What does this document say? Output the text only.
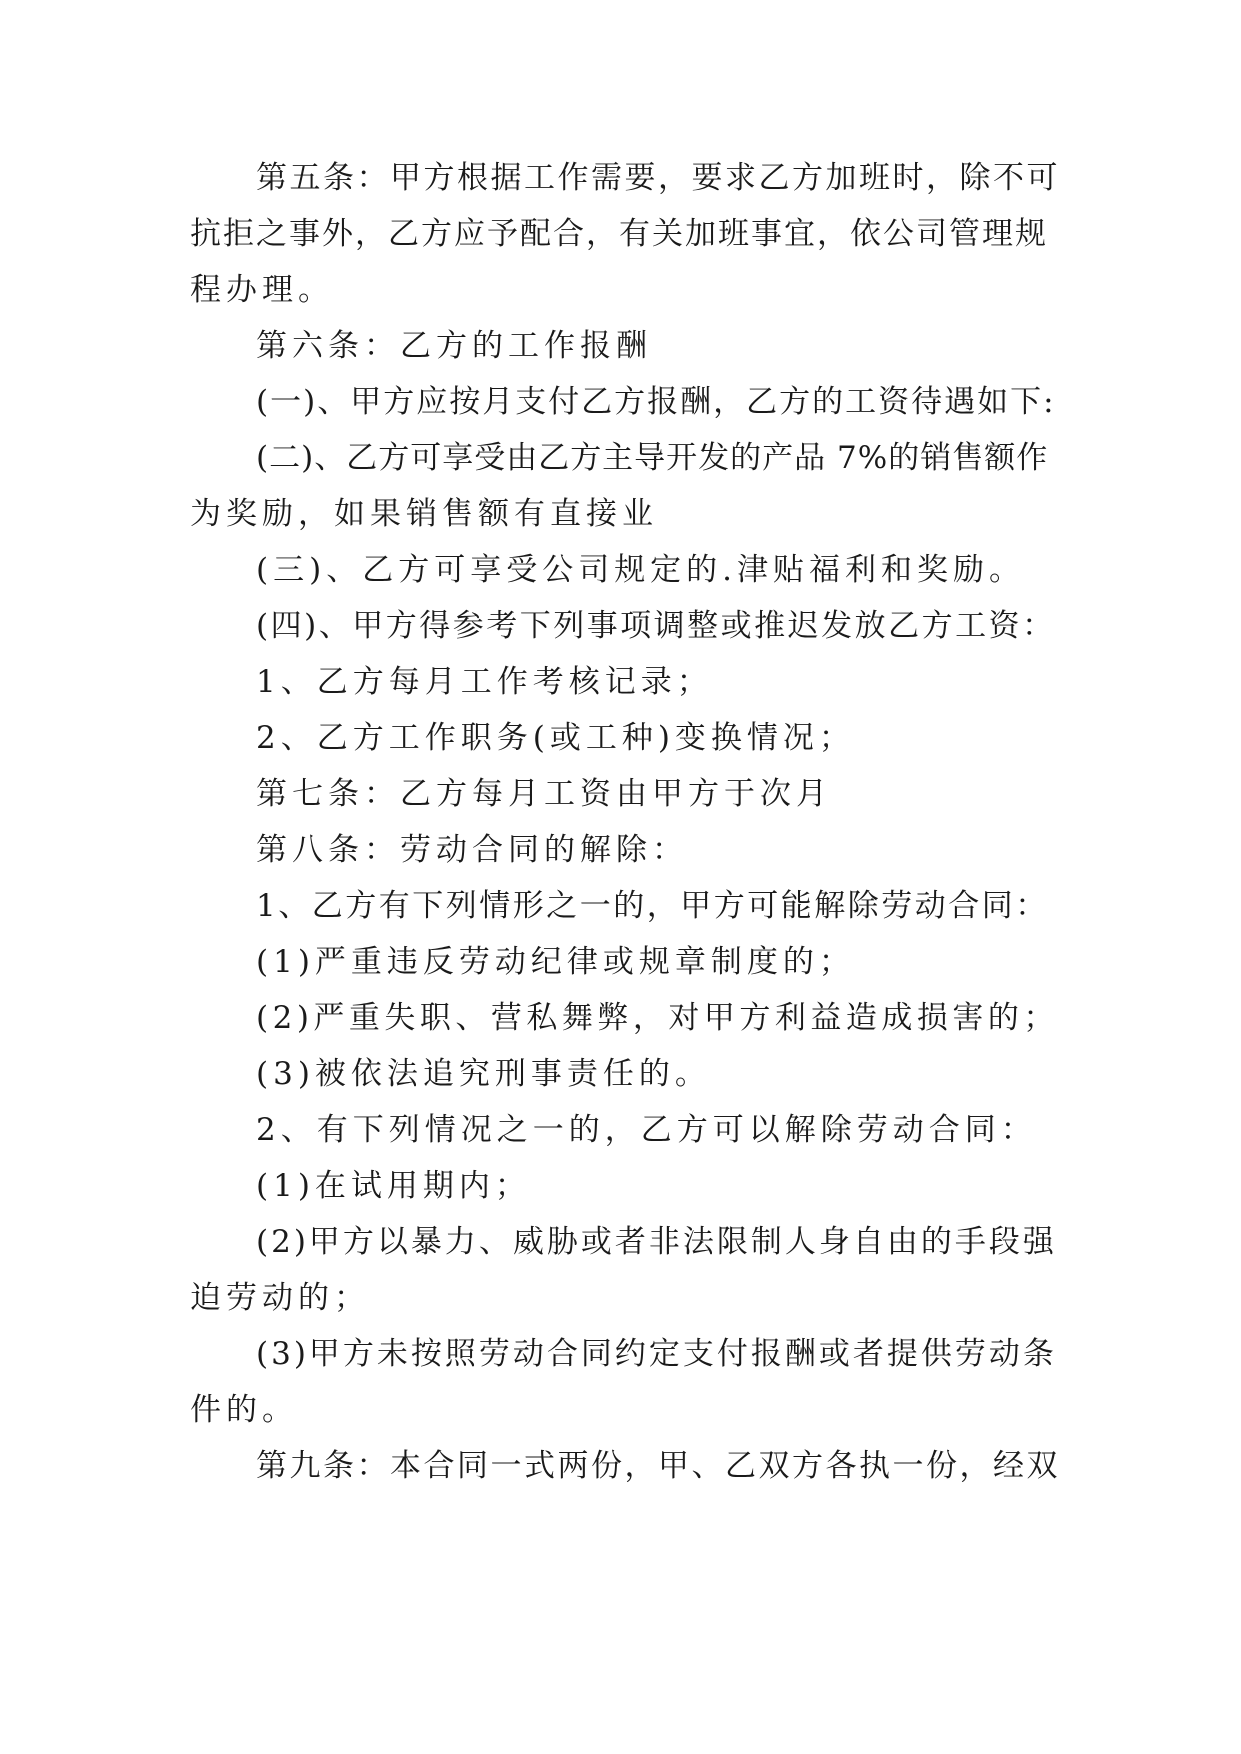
第五条：甲方根据工作需要，要求乙方加班时，除不可
抗拒之事外，乙方应予配合，有关加班事宜，依公司管理规
程办理。
第六条：乙方的工作报酬
(一)、甲方应按月支付乙方报酬，乙方的工资待遇如下:
(二)、乙方可享受由乙方主导开发的产品 7%的销售额作
为奖励，如果销售额有直接业
(三)、乙方可享受公司规定的.津贴福利和奖励。
(四)、甲方得参考下列事项调整或推迟发放乙方工资：
1、乙方每月工作考核记录；
2、乙方工作职务(或工种)变换情况；
第七条：乙方每月工资由甲方于次月
第八条：劳动合同的解除：
1、乙方有下列情形之一的，甲方可能解除劳动合同：
(1)严重违反劳动纪律或规章制度的；
(2)严重失职、营私舞弊，对甲方利益造成损害的；
(3)被依法追究刑事责任的。
2、有下列情况之一的，乙方可以解除劳动合同：
(1)在试用期内；
(2)甲方以暴力、威胁或者非法限制人身自由的手段强
迫劳动的；
(3)甲方未按照劳动合同约定支付报酬或者提供劳动条
件的。
第九条：本合同一式两份，甲、乙双方各执一份，经双
